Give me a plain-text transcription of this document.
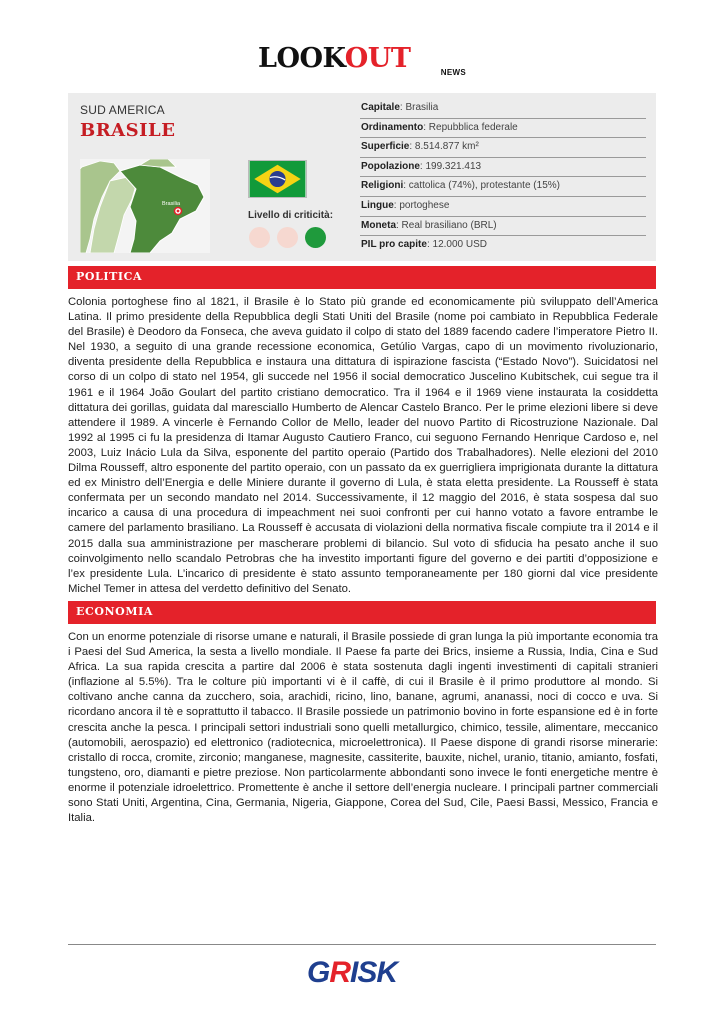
LOOKOUT	NEWS
SUD AMERICA
BRASILE
Brasilia
Livello di criticità:
Capitale: Brasilia
Ordinamento: Repubblica federale
Superficie: 8.514.877 km²
Popolazione: 199.321.413
Religioni: cattolica (74%), protestante (15%)
Lingue: portoghese
Moneta: Real brasiliano (BRL)
PIL pro capite: 12.000 USD
POLITICA

Colonia portoghese fino al 1821, il Brasile è lo Stato più grande ed economicamente più sviluppato dell’America Latina. Il primo presidente della Repubblica degli Stati Uniti del Brasile (nome poi cambiato in Repubblica Federale del Brasile) è Deodoro da Fonseca, che aveva guidato il colpo di stato del 1889 facendo cadere l’imperatore Pietro II. Nel 1930, a seguito di una grande recessione economica, Getúlio Vargas, capo di un movimento rivoluzionario, diventa presidente della Repubblica e instaura una dittatura di ispirazione fascista (“Estado Novo”). Suicidatosi nel corso di un colpo di stato nel 1954, gli succede nel 1956 il social democratico Juscelino Kubitschek, cui segue tra il 1961 e il 1964 João Goulart del partito cristiano democratico. Tra il 1964 e il 1969 viene instaurata la cosiddetta dittatura dei gorillas, guidata dal maresciallo Humberto de Alencar Castelo Branco. Per le prime elezioni libere si deve attendere il 1989. A vincerle è Fernando Collor de Mello, leader del nuovo Partito di Ricostruzione Nazionale. Dal 1992 al 1995 ci fu la presidenza di Itamar Augusto Cautiero Franco, cui seguono Fernando Henrique Cardoso e, nel 2003, Luiz Inácio Lula da Silva, esponente del partito operaio (Partido dos Trabalhadores). Nelle elezioni del 2010 Dilma Rousseff, altro esponente del partito operaio, con un passato da ex guerrigliera imprigionata durante la dittatura ed ex Ministro dell’Energia e delle Miniere durante il governo di Lula, è stata eletta presidente. La Rousseff è stata confermata per un secondo mandato nel 2014. Successivamente, il 12 maggio del 2016, è stata sospesa dal suo incarico a causa di una procedura di impeachment nei suoi confronti per cui hanno votato a favore entrambe le camere del parlamento brasiliano. La Rousseff è accusata di violazioni della normativa fiscale compiute tra il 2014 e il 2015 dalla sua amministrazione per mascherare problemi di bilancio. Sul voto di sfiducia ha pesato anche il suo coinvolgimento nello scandalo Petrobras che ha investito importanti figure del governo e dei partiti d’opposizione e l’ex presidente Lula. L’incarico di presidente è stato assunto temporaneamente per 180 giorni dal vice presidente Michel Temer in attesa del verdetto definitivo del Senato.

ECONOMIA

Con un enorme potenziale di risorse umane e naturali, il Brasile possiede di gran lunga la più importante economia tra i Paesi del Sud America, la sesta a livello mondiale. Il Paese fa parte dei Brics, insieme a Russia, India, Cina e Sud Africa. La sua rapida crescita a partire dal 2006 è stata sostenuta dagli ingenti investimenti di capitali stranieri (inflazione al 5.5%). Tra le colture più importanti vi è il caffè, di cui il Brasile è il primo produttore al mondo. Si coltivano anche canna da zucchero, soia, arachidi, ricino, lino, banane, agrumi, ananassi, noci di cocco e uva. Si ricordano ancora il tè e soprattutto il tabacco. Il Brasile possiede un patrimonio bovino in forte espansione ed è in forte crescita anche la pesca. I principali settori industriali sono quelli metallurgico, chimico, tessile, alimentare, meccanico (automobili, aerospazio) ed elettronico (radiotecnica, microelettronica). Il Paese dispone di grandi risorse minerarie: cristallo di rocca, cromite, zirconio; manganese, magnesite, cassiterite, bauxite, nichel, uranio, titanio, amianto, fosfati, tungsteno, oro, diamanti e pietre preziose. Non particolarmente abbondanti sono invece le fonti energetiche mentre è enorme il potenziale idroelettrico. Promettente è anche il settore dell’energia nucleare. I principali partner commerciali sono Stati Uniti, Argentina, Cina, Germania, Nigeria, Giappone, Corea del Sud, Cile, Paesi Bassi, Messico, Francia e Italia.

GRISK
